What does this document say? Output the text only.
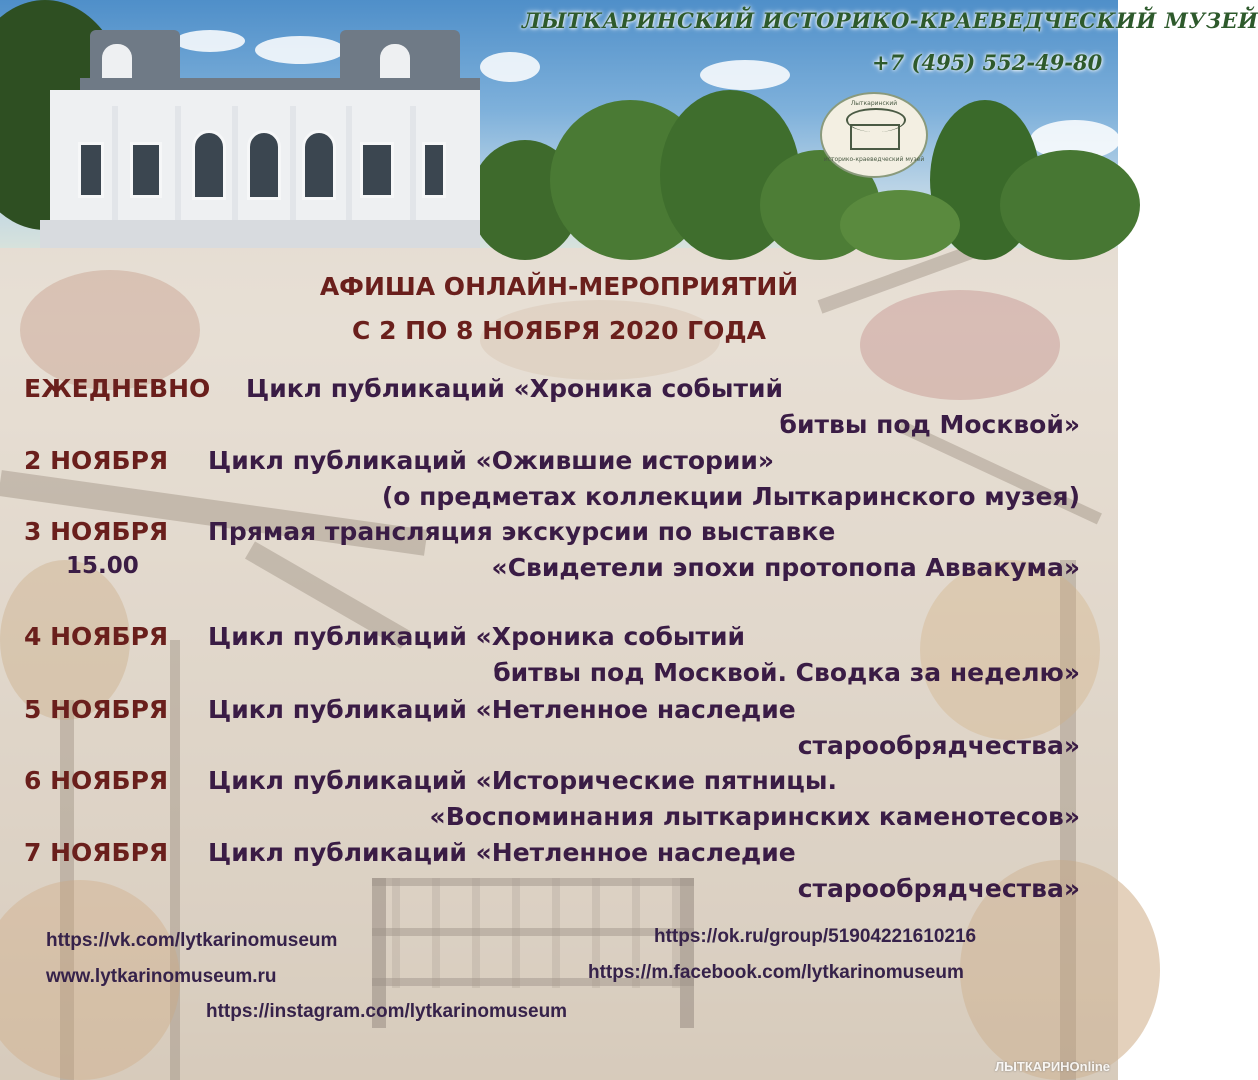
ЛЫТКАРИНСКИЙ ИСТОРИКО-КРАЕВЕДЧЕСКИЙ МУЗЕЙ
+7 (495) 552-49-80
Лыткаринский
историко-краеведческий музей
АФИША ОНЛАЙН-МЕРОПРИЯТИЙ
С 2 ПО 8 НОЯБРЯ 2020 ГОДА
ЕЖЕДНЕВНО Цикл публикаций «Хроника событий
битвы под Москвой»
2 НОЯБРЯ Цикл публикаций «Ожившие истории»
(о предметах коллекции Лыткаринского музея)
3 НОЯБРЯ
15.00
Прямая трансляция экскурсии по выставке
«Свидетели эпохи протопопа Аввакума»
4 НОЯБРЯ Цикл публикаций «Хроника событий
битвы под Москвой. Сводка за неделю»
5 НОЯБРЯ Цикл публикаций «Нетленное наследие
старообрядчества»
6 НОЯБРЯ Цикл публикаций «Исторические пятницы.
«Воспоминания лыткаринских каменотесов»
7 НОЯБРЯ Цикл публикаций «Нетленное наследие
старообрядчества»
https://vk.com/lytkarinomuseum
www.lytkarinomuseum.ru
https://instagram.com/lytkarinomuseum
https://ok.ru/group/51904221610216
https://m.facebook.com/lytkarinomuseum
ЛЫТКАРИНОnline
